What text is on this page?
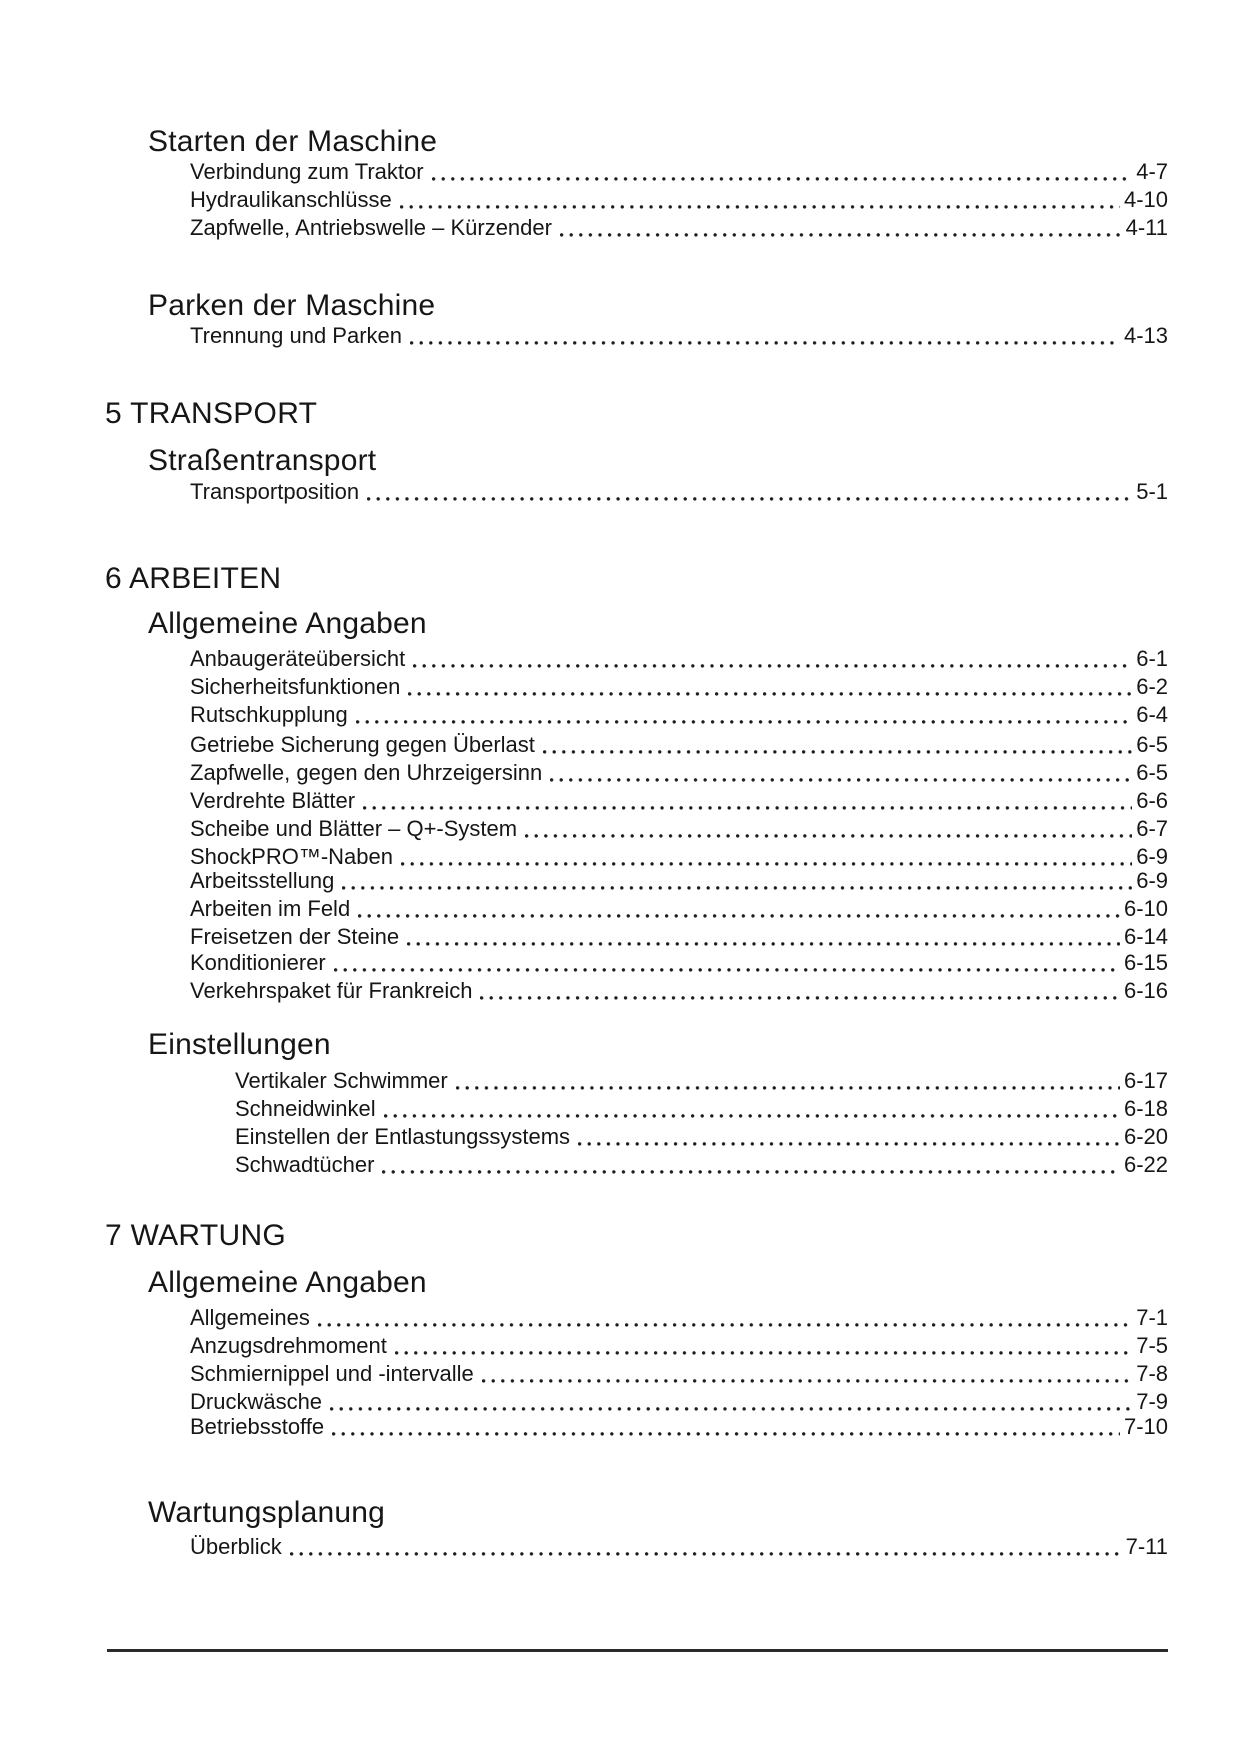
Starten der Maschine
Verbindung zum Traktor	4-7
Hydraulikanschlüsse	4-10
Zapfwelle, Antriebswelle – Kürzender	4-11
Parken der Maschine
Trennung und Parken	4-13
5 TRANSPORT
Straßentransport
Transportposition	5-1
6 ARBEITEN
Allgemeine Angaben
Anbaugeräteübersicht	6-1
Sicherheitsfunktionen	6-2
Rutschkupplung	6-4
Getriebe Sicherung gegen Überlast	6-5
Zapfwelle, gegen den Uhrzeigersinn	6-5
Verdrehte Blätter	6-6
Scheibe und Blätter – Q+-System	6-7
ShockPRO™-Naben	6-9
Arbeitsstellung	6-9
Arbeiten im Feld	6-10
Freisetzen der Steine	6-14
Konditionierer	6-15
Verkehrspaket für Frankreich	6-16
Einstellungen
Vertikaler Schwimmer	6-17
Schneidwinkel	6-18
Einstellen der Entlastungssystems	6-20
Schwadtücher	6-22
7 WARTUNG
Allgemeine Angaben
Allgemeines	7-1
Anzugsdrehmoment	7-5
Schmiernippel und -intervalle	7-8
Druckwäsche	7-9
Betriebsstoffe	7-10
Wartungsplanung
Überblick	7-11
